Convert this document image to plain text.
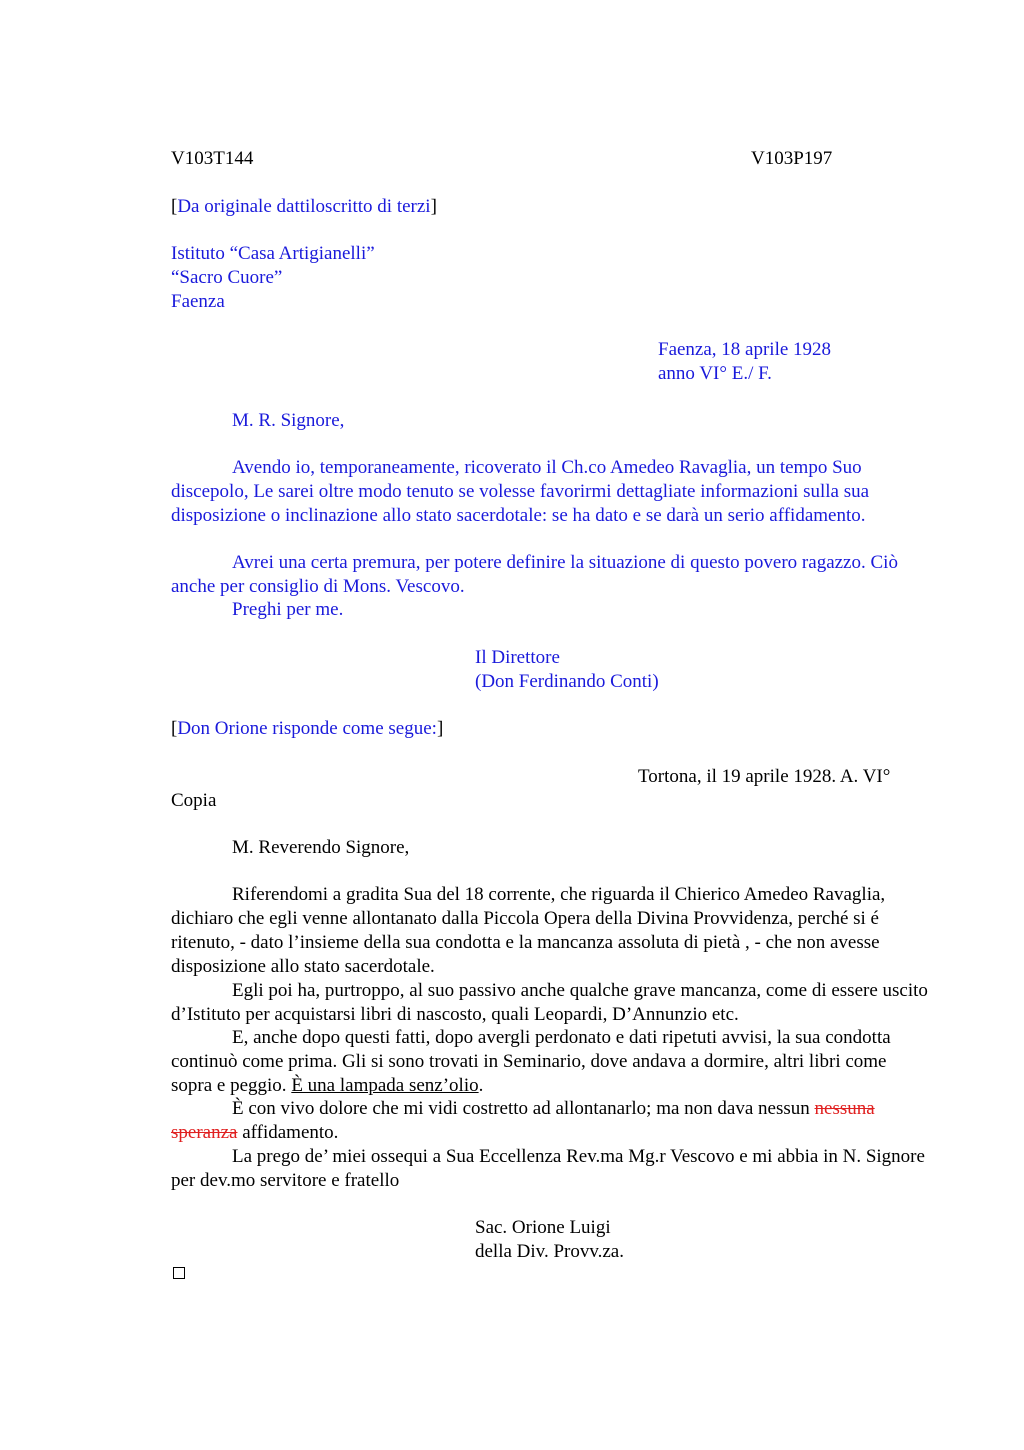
V103T144	V103P197
[Da originale dattiloscritto di terzi]
Istituto “Casa Artigianelli”
“Sacro Cuore”
Faenza
Faenza, 18 aprile 1928
anno VI° E./ F.
M. R. Signore,
Avendo io, temporaneamente, ricoverato il Ch.co Amedeo Ravaglia, un tempo Suo discepolo, Le sarei oltre modo tenuto se volesse favorirmi dettagliate informazioni sulla sua disposizione o inclinazione allo stato sacerdotale: se ha dato e se darà un serio affidamento.
Avrei una certa premura, per potere definire la situazione di questo povero ragazzo. Ciò anche per consiglio di Mons. Vescovo.
Preghi per me.
Il Direttore
(Don Ferdinando Conti)
[Don Orione risponde come segue:]
Tortona, il 19 aprile 1928. A. VI°
Copia
M. Reverendo Signore,
Riferendomi a gradita Sua del 18 corrente, che riguarda il Chierico Amedeo Ravaglia, dichiaro che egli venne allontanato dalla Piccola Opera della Divina Provvidenza, perché si é ritenuto, - dato l’insieme della sua condotta e la mancanza assoluta di pietà , - che non avesse disposizione allo stato sacerdotale.
Egli poi ha, purtroppo, al suo passivo anche qualche grave mancanza, come di essere uscito d’Istituto per acquistarsi libri di nascosto, quali Leopardi, D’Annunzio etc.
E, anche dopo questi fatti, dopo avergli perdonato e dati ripetuti avvisi, la sua condotta continuò come prima. Gli si sono trovati in Seminario, dove andava a dormire, altri libri come sopra e peggio. È una lampada senz’olio.
È con vivo dolore che mi vidi costretto ad allontanarlo; ma non dava nessun nessuna speranza affidamento.
La prego de’ miei ossequi a Sua Eccellenza Rev.ma Mg.r Vescovo e mi abbia in N. Signore per dev.mo servitore e fratello
Sac. Orione Luigi
della Div. Provv.za.
